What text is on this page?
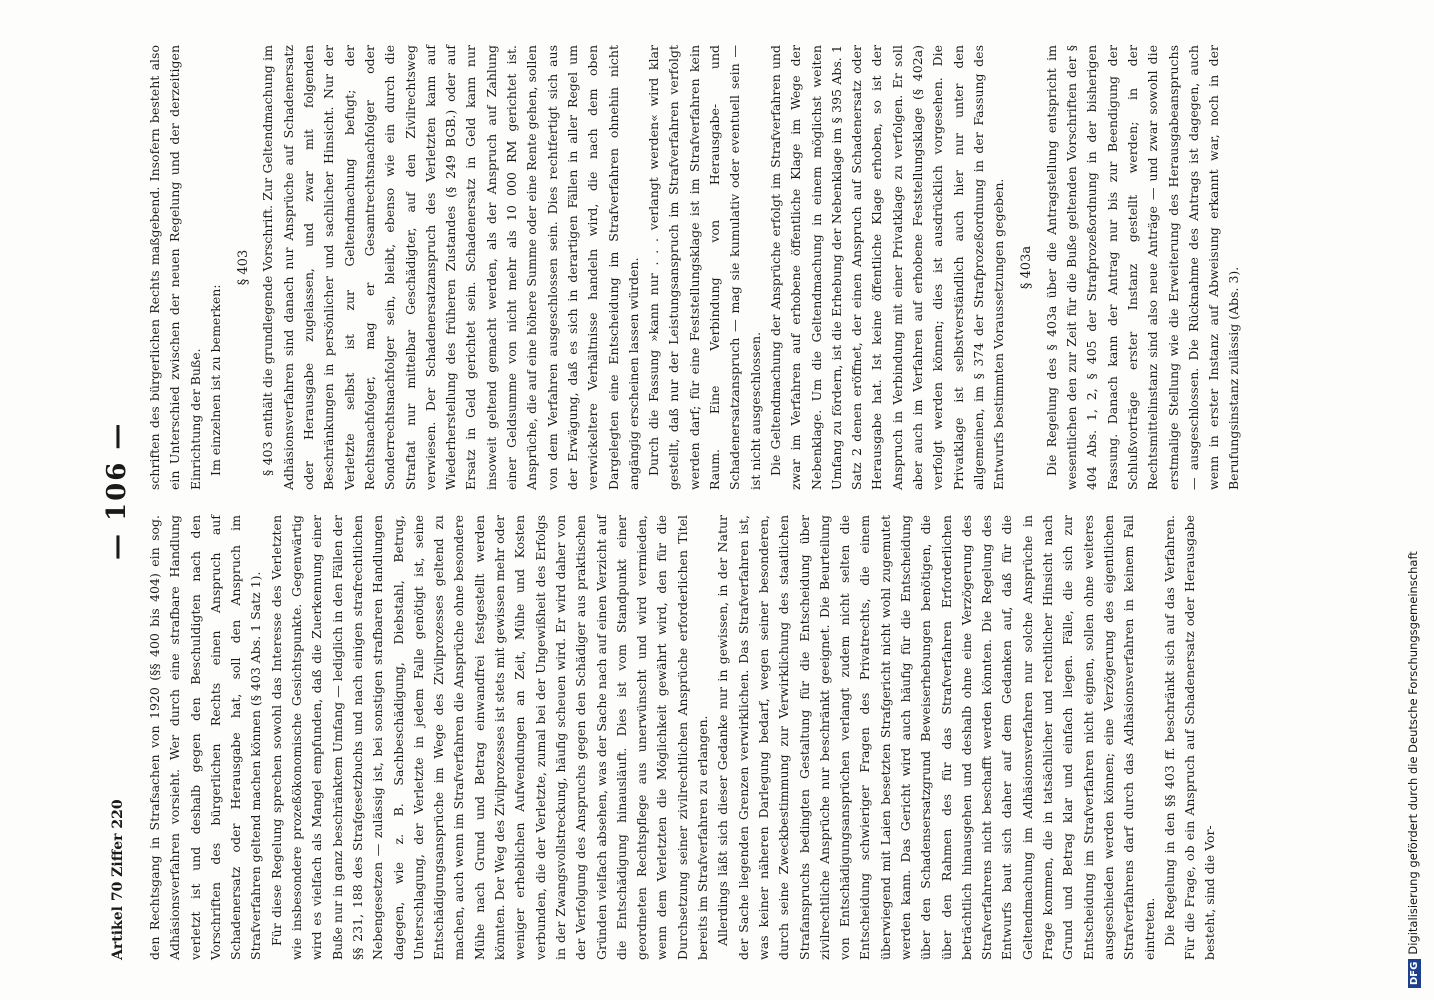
Artikel 70 Ziffer 220
— 106 —

den Rechtsgang in Strafsachen von 1920 (§§ 400 bis 404) ein sog. Adhäsionsverfahren vorsieht. Wer durch eine strafbare Handlung verletzt ist und deshalb gegen den Beschuldigten nach den Vorschriften des bürgerlichen Rechts einen Anspruch auf Schadenersatz oder Herausgabe hat, soll den Anspruch im Strafverfahren geltend machen können (§ 403 Abs. 1 Satz 1). Für diese Regelung sprechen sowohl das Interesse des Verletzten wie insbesondere prozeßökonomische Gesichtspunkte. Gegenwärtig wird es vielfach als Mangel empfunden, daß die Zuerkennung einer Buße nur in ganz beschränktem Umfang — lediglich in den Fällen der §§ 231, 188 des Strafgesetzbuchs und nach einigen strafrechtlichen Nebengesetzen — zulässig ist, bei sonstigen strafbaren Handlungen dagegen, wie z. B. Sachbeschädigung, Diebstahl, Betrug, Unterschlagung, der Verletzte in jedem Falle genötigt ist, seine Entschädigungsansprüche im Wege des Zivilprozesses geltend zu machen, auch wenn im Strafverfahren die Ansprüche ohne besondere Mühe nach Grund und Betrag einwandfrei festgestellt werden könnten. Der Weg des Zivilprozesses ist stets mit gewissen mehr oder weniger erheblichen Aufwendungen an Zeit, Mühe und Kosten verbunden, die der Verletzte, zumal bei der Ungewißheit des Erfolgs in der Zwangsvollstreckung, häufig scheuen wird. Er wird daher von der Verfolgung des Anspruchs gegen den Schädiger aus praktischen Gründen vielfach absehen, was der Sache nach auf einen Verzicht auf die Entschädigung hinausläuft. Dies ist vom Standpunkt einer geordneten Rechtspflege aus unerwünscht und wird vermieden, wenn dem Verletzten die Möglichkeit gewährt wird, den für die Durchsetzung seiner zivilrechtlichen Ansprüche erforderlichen Titel bereits im Strafverfahren zu erlangen. Allerdings läßt sich dieser Gedanke nur in gewissen, in der Natur der Sache liegenden Grenzen verwirklichen. Das Strafverfahren ist, was keiner näheren Darlegung bedarf, wegen seiner besonderen, durch seine Zweckbestimmung zur Verwirklichung des staatlichen Strafanspruchs bedingten Gestaltung für die Entscheidung über zivilrechtliche Ansprüche nur beschränkt geeignet. Die Beurteilung von Entschädigungsansprüchen verlangt zudem nicht selten die Entscheidung schwieriger Fragen des Privatrechts, die einem überwiegend mit Laien besetzten Strafgericht nicht wohl zugemutet werden kann. Das Gericht wird auch häufig für die Entscheidung über den Schadensersatzgrund Beweiserhebungen benötigen, die über den Rahmen des für das Strafverfahren Erforderlichen beträchtlich hinausgehen und deshalb ohne eine Verzögerung des Strafverfahrens nicht beschafft werden könnten. Die Regelung des Entwurfs baut sich daher auf dem Gedanken auf, daß für die Geltendmachung im Adhäsionsverfahren nur solche Ansprüche in Frage kommen, die in tatsächlicher und rechtlicher Hinsicht nach Grund und Betrag klar und einfach liegen. Fälle, die sich zur Entscheidung im Strafverfahren nicht eignen, sollen ohne weiteres ausgeschieden werden können; eine Verzögerung des eigentlichen Strafverfahrens darf durch das Adhäsionsverfahren in keinem Fall eintreten. Die Regelung in den §§ 403 ff. beschränkt sich auf das Verfahren. Für die Frage, ob ein Anspruch auf Schadenersatz oder Herausgabe besteht, sind die Vor-

schriften des bürgerlichen Rechts maßgebend. Insofern besteht also ein Unterschied zwischen der neuen Regelung und der derzeitigen Einrichtung der Buße. Im einzelnen ist zu bemerken:

§ 403 § 403 enthält die grundlegende Vorschrift. Zur Geltendmachung im Adhäsionsverfahren sind danach nur Ansprüche auf Schadenersatz oder Herausgabe zugelassen, und zwar mit folgenden Beschränkungen in persönlicher und sachlicher Hinsicht. Nur der Verletzte selbst ist zur Geltendmachung befugt; der Rechtsnachfolger, mag er Gesamtrechtsnachfolger oder Sonderrechtsnachfolger sein, bleibt, ebenso wie ein durch die Straftat nur mittelbar Geschädigter, auf den Zivilrechtsweg verwiesen. Der Schadenersatzanspruch des Verletzten kann auf Wiederherstellung des früheren Zustandes (§ 249 BGB.) oder auf Ersatz in Geld gerichtet sein. Schadenersatz in Geld kann nur insoweit geltend gemacht werden, als der Anspruch auf Zahlung einer Geldsumme von nicht mehr als 10 000 RM gerichtet ist. Ansprüche, die auf eine höhere Summe oder eine Rente gehen, sollen von dem Verfahren ausgeschlossen sein. Dies rechtfertigt sich aus der Erwägung, daß es sich in derartigen Fällen in aller Regel um verwickeltere Verhältnisse handeln wird, die nach dem oben Dargelegten eine Entscheidung im Strafverfahren ohnehin nicht angängig erscheinen lassen würden. Durch die Fassung »kann nur . . . verlangt werden« wird klar gestellt, daß nur der Leistungsanspruch im Strafverfahren verfolgt werden darf; für eine Feststellungsklage ist im Strafverfahren kein Raum. Eine Verbindung von Herausgabe- und Schadenersatzanspruch — mag sie kumulativ oder eventuell sein — ist nicht ausgeschlossen. Die Geltendmachung der Ansprüche erfolgt im Strafverfahren und zwar im Verfahren auf erhobene öffentliche Klage im Wege der Nebenklage. Um die Geltendmachung in einem möglichst weiten Umfang zu fördern, ist die Erhebung der Nebenklage im § 395 Abs. 1 Satz 2 denen eröffnet, der einen Anspruch auf Schadenersatz oder Herausgabe hat. Ist keine öffentliche Klage erhoben, so ist der Anspruch in Verbindung mit einer Privatklage zu verfolgen. Er soll aber auch im Verfahren auf erhobene Feststellungsklage (§ 402a) verfolgt werden können; dies ist ausdrücklich vorgesehen. Die Privatklage ist selbstverständlich auch hier nur unter den allgemeinen, im § 374 der Strafprozeßordnung in der Fassung des Entwurfs bestimmten Voraussetzungen gegeben. § 403a Die Regelung des § 403a über die Antragstellung entspricht im wesentlichen den zur Zeit für die Buße geltenden Vorschriften der § 404 Abs. 1, 2, § 405 der Strafprozeßordnung in der bisherigen Fassung. Danach kann der Antrag nur bis zur Beendigung der Schlußvorträge erster Instanz gestellt werden; in der Rechtsmittelinstanz sind also neue Anträge — und zwar sowohl die erstmalige Stellung wie die Erweiterung des Herausgabeanspruchs — ausgeschlossen. Die Rücknahme des Antrags ist dagegen, auch wenn in erster Instanz auf Abweisung erkannt war, noch in der Berufungsinstanz zulässig (Abs. 3).

DFGDigitalisierung gefördert durch die Deutsche Forschungsgemeinschaft
